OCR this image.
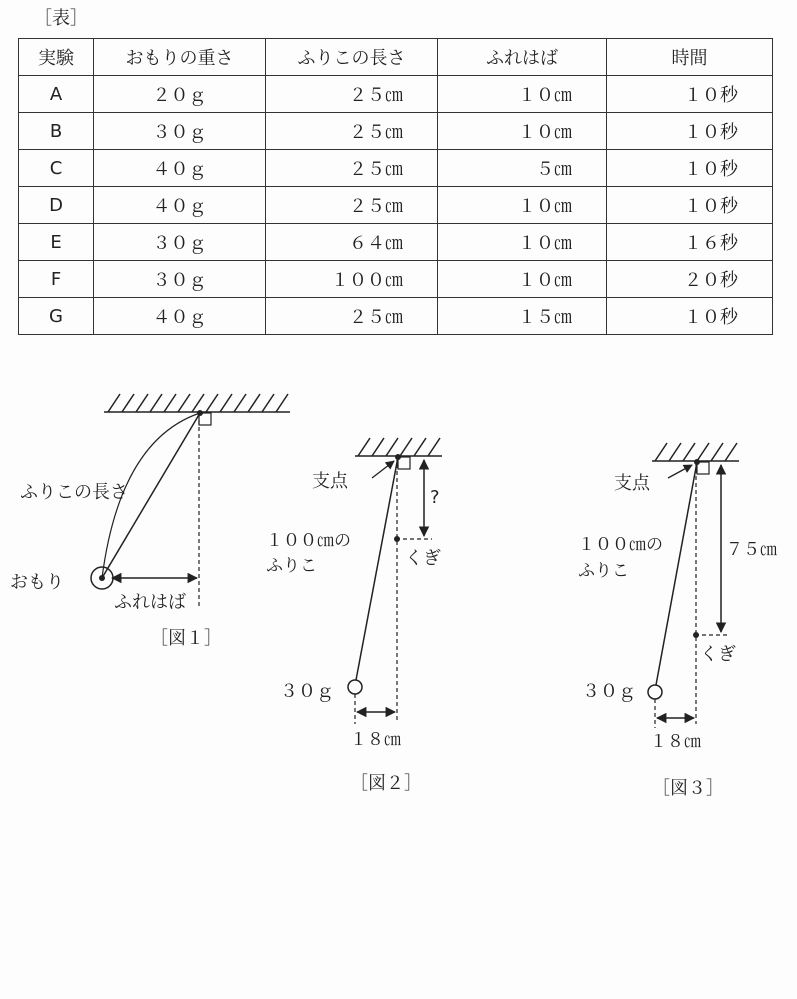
［表］
実験	おもりの重さ	ふりこの長さ	ふれはば	時間
A	２０ｇ	２５㎝	１０㎝	１０秒
B	３０ｇ	２５㎝	１０㎝	１０秒
C	４０ｇ	２５㎝	５㎝	１０秒
D	４０ｇ	２５㎝	１０㎝	１０秒
E	３０ｇ	６４㎝	１０㎝	１６秒
F	３０ｇ	１００㎝	１０㎝	２０秒
G	４０ｇ	２５㎝	１５㎝	１０秒
ふりこの長さ
おもり
ふれはば
［図１］
支点
?
１００㎝の
ふりこ	くぎ
３０ｇ
１８㎝
［図２］
支点
１００㎝の
ふりこ
７５㎝
くぎ
３０ｇ
１８㎝
［図３］
